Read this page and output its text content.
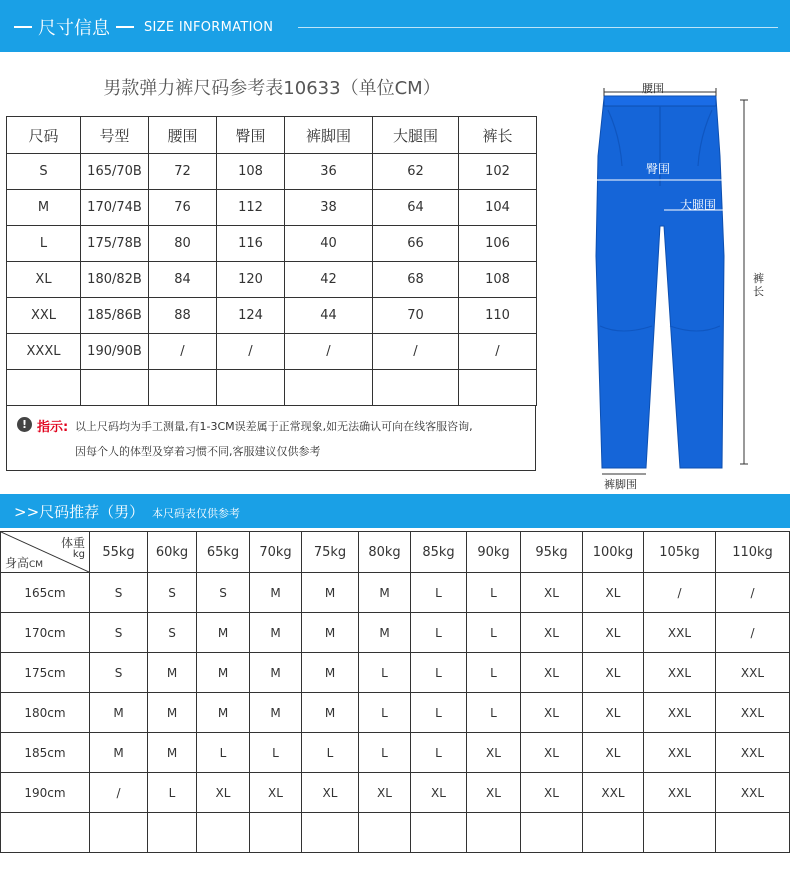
尺寸信息	SIZE INFORMATION
男款弹力裤尺码参考表10633（单位CM）
尺码	号型	腰围	臀围	裤脚围	大腿围	裤长
S	165/70B	72	108	36	62	102
M	170/74B	76	112	38	64	104
L	175/78B	80	116	40	66	106
XL	180/82B	84	120	42	68	108
XXL	185/86B	88	124	44	70	110
XXXL	190/90B	/	/	/	/	/

! 指示: 以上尺码均为手工测量,有1-3CM误差属于正常现象,如无法确认可向在线客服咨询,
因每个人的体型及穿着习惯不同,客服建议仅供参考
腰围
臀围
大腿围
裤长
裤脚围
>>尺码推荐（男） 本尺码表仅供参考
体重
kg
身高CM	55kg	60kg	65kg	70kg	75kg	80kg	85kg	90kg	95kg	100kg	105kg	110kg
165cm	S	S	S	M	M	M	L	L	XL	XL	/	/
170cm	S	S	M	M	M	M	L	L	XL	XL	XXL	/
175cm	S	M	M	M	M	L	L	L	XL	XL	XXL	XXL
180cm	M	M	M	M	M	L	L	L	XL	XL	XXL	XXL
185cm	M	M	L	L	L	L	L	XL	XL	XL	XXL	XXL
190cm	/	L	XL	XL	XL	XL	XL	XL	XL	XXL	XXL	XXL
